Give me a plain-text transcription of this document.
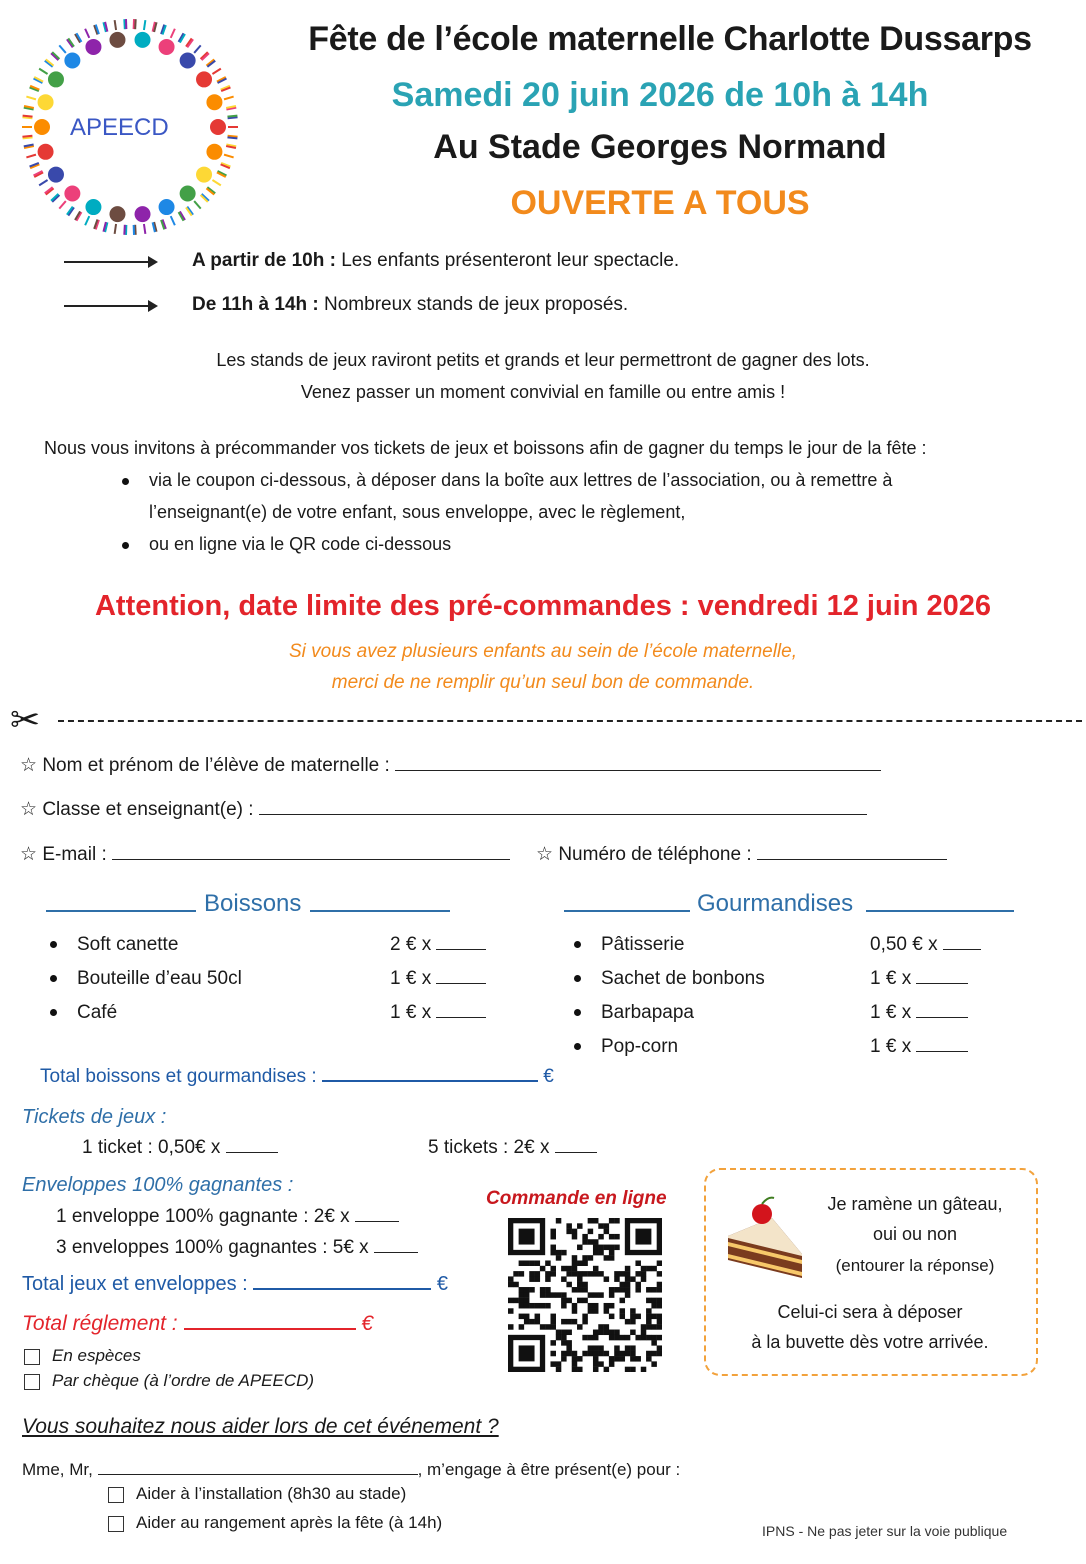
APEECD
Fête de l’école maternelle Charlotte Dussarps
Samedi 20 juin 2026 de 10h à 14h
Au Stade Georges Normand
OUVERTE A TOUS
A partir de 10h : Les enfants présenteront leur spectacle.
De 11h à 14h : Nombreux stands de jeux proposés.
Les stands de jeux raviront petits et grands et leur permettront de gagner des lots.
Venez passer un moment convivial en famille ou entre amis !
Nous vous invitons à précommander vos tickets de jeux et boissons afin de gagner du temps le jour de la fête :
via le coupon ci-dessous, à déposer dans la boîte aux lettres de l’association, ou à remettre à
l’enseignant(e) de votre enfant, sous enveloppe, avec le règlement,
ou en ligne via le QR code ci-dessous
Attention, date limite des pré-commandes : vendredi 12 juin 2026
Si vous avez plusieurs enfants au sein de l’école maternelle,
merci de ne remplir qu’un seul bon de commande.
✂
☆ Nom et prénom de l’élève de maternelle :
☆ Classe et enseignant(e) :
☆ E-mail :	☆ Numéro de téléphone :
Boissons	Gourmandises
Soft canette	2 € x
Bouteille d’eau 50cl	1 € x
Café	1 € x
Pâtisserie	0,50 € x
Sachet de bonbons	1 € x
Barbapapa	1 € x
Pop-corn	1 € x
Total boissons et gourmandises :	€
Tickets de jeux :
1 ticket : 0,50€ x	5 tickets : 2€ x
Enveloppes 100% gagnantes :
1 enveloppe 100% gagnante : 2€ x
3 enveloppes 100% gagnantes : 5€ x
Total jeux et enveloppes :	€
Total réglement :	€
En espèces
Par chèque (à l’ordre de APEECD)
Commande en ligne	Je ramène un gâteau,
oui ou non
(entourer la réponse)
Celui-ci sera à déposer
à la buvette dès votre arrivée.
Vous souhaitez nous aider lors de cet événement ?
Mme, Mr,	, m’engage à être présent(e) pour :
Aider à l’installation (8h30 au stade)
Aider au rangement après la fête (à 14h)	IPNS - Ne pas jeter sur la voie publique
